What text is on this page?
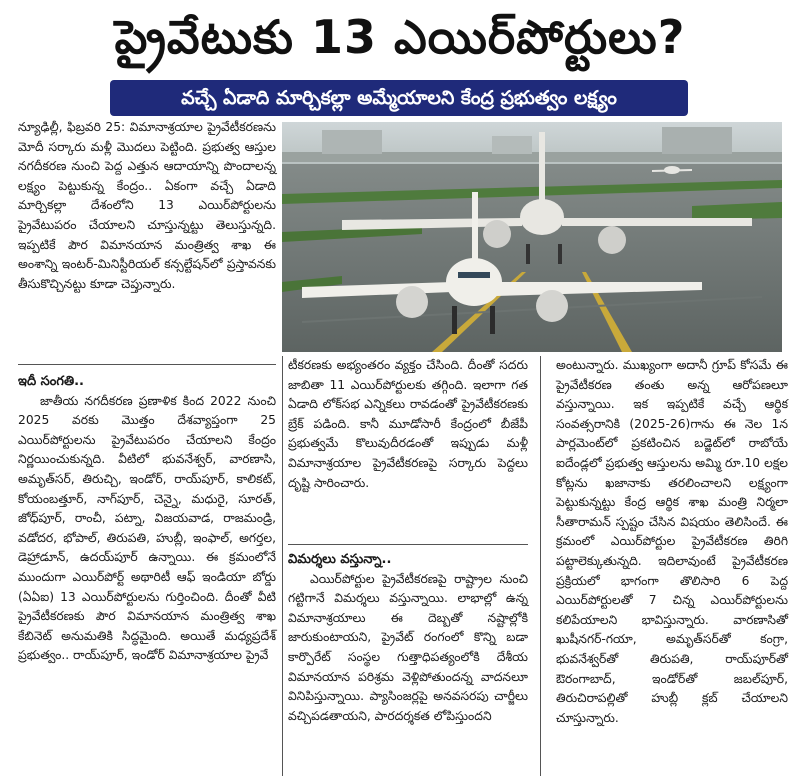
ప్రైవేటుకు 13 ఎయిర్‌పోర్టులు?
వచ్చే ఏడాది మార్చికల్లా అమ్మేయాలని కేంద్ర ప్రభుత్వం లక్ష్యం

న్యూఢిల్లీ, ఫిబ్రవరి 25: విమానాశ్రయాల ప్రైవేటీకరణను మోదీ సర్కారు మళ్లీ మొదలు పెట్టింది. ప్రభుత్వ ఆస్తుల నగదీకరణ నుంచి పెద్ద ఎత్తున ఆదాయాన్ని పొందాలన్న లక్ష్యం పెట్టుకున్న కేంద్రం.. ఏకంగా వచ్చే ఏడాది మార్చికల్లా దేశంలోని 13 ఎయిర్‌పోర్టులను ప్రైవేటుపరం చేయాలని చూస్తున్నట్టు తెలుస్తున్నది. ఇప్పటికే పౌర విమానయాన మంత్రిత్వ శాఖ ఈ అంశాన్ని ఇంటర్-మినిస్టీరియల్ కన్సల్టేషన్‌లో ప్రస్తావనకు తీసుకొచ్చినట్టు కూడా చెప్తున్నారు.

ఇదీ సంగతి..

జాతీయ నగదీకరణ ప్రణాళిక కింద 2022 నుంచి 2025 వరకు మొత్తం దేశవ్యాప్తంగా 25 ఎయిర్‌పోర్టులను ప్రైవేటుపరం చేయాలని కేంద్రం నిర్ణయించుకున్నది. వీటిలో భువనేశ్వర్, వారణాసి, అమృత్‌సర్, తిరుచ్చి, ఇండోర్, రాయ్‌పూర్, కాలికట్, కోయంబత్తూర్, నాగ్‌పూర్, చెన్నై, మధురై, సూరత్, జోధ్‌పూర్, రాంచీ, పట్నా, విజయవాడ, రాజమండ్రి, వడోదర, భోపాల్, తిరుపతి, హుబ్లీ, ఇంఫాల్, అగర్తల, డెహ్రాడూన్, ఉదయ్‌పూర్ ఉన్నాయి. ఈ క్రమంలోనే ముందుగా ఎయిర్‌పోర్ట్ అథారిటీ ఆఫ్ ఇండియా బోర్డు (ఏఏఐ) 13 ఎయిర్‌పోర్టులను గుర్తించింది. దీంతో వీటి ప్రైవేటీకరణకు పౌర విమానయాన మంత్రిత్వ శాఖ కేబినెట్ అనుమతికి సిద్ధమైంది. అయితే మధ్యప్రదేశ్ ప్రభుత్వం.. రాయ్‌పూర్, ఇండోర్ విమానాశ్రయాల ప్రైవే

టీకరణకు అభ్యంతరం వ్యక్తం చేసింది. దీంతో సదరు జాబితా 11 ఎయిర్‌పోర్టులకు తగ్గింది. ఇలాగా గత ఏడాది లోక్‌సభ ఎన్నికలు రావడంతో ప్రైవేటీకరణకు బ్రేక్ పడింది. కానీ మూడోసారీ కేంద్రంలో బీజేపీ ప్రభుత్వమే కొలువుదీరడంతో ఇప్పుడు మళ్లీ విమానాశ్రయాల ప్రైవేటీకరణపై సర్కారు పెద్దలు దృష్టి సారించారు.

విమర్శలు వస్తున్నా..

ఎయిర్‌పోర్టుల ప్రైవేటీకరణపై రాష్ట్రాల నుంచి గట్టిగానే విమర్శలు వస్తున్నాయి. లాభాల్లో ఉన్న విమానాశ్రయాలు ఈ దెబ్బతో నష్టాల్లోకి జారుకుంటాయని, ప్రైవేట్ రంగంలో కొన్ని బడా కార్పొరేట్ సంస్థల గుత్తాధిపత్యంలోకి దేశీయ విమానయాన పరిశ్రమ వెళ్లిపోతుందన్న వాదనలూ వినిపిస్తున్నాయి. ప్యాసింజర్లపై అనవసరపు చార్జీలు వచ్చిపడతాయని, పారదర్శకత లోపిస్తుందని

అంటున్నారు. ముఖ్యంగా అదానీ గ్రూప్ కోసమే ఈ ప్రైవేటీకరణ తంతు అన్న ఆరోపణలూ వస్తున్నాయి. ఇక ఇప్పటికే వచ్చే ఆర్థిక సంవత్సరానికి (2025-26)గాను ఈ నెల 1న పార్లమెంట్‌లో ప్రకటించిన బడ్జెట్‌లో రాబోయే ఐదేండ్లలో ప్రభుత్వ ఆస్తులను అమ్మి రూ.10 లక్షల కోట్లను ఖజానాకు తరలించాలని లక్ష్యంగా పెట్టుకున్నట్టు కేంద్ర ఆర్థిక శాఖ మంత్రి నిర్మలా సీతారామన్ స్పష్టం చేసిన విషయం తెలిసిందే. ఈ క్రమంలో ఎయిర్‌పోర్టుల ప్రైవేటీకరణ తిరిగి పట్టాలెక్కుతున్నది. ఇదిలావుంటే ప్రైవేటీకరణ ప్రక్రియలో భాగంగా తొలిసారి 6 పెద్ద ఎయిర్‌పోర్టులతో 7 చిన్న ఎయిర్‌పోర్టులను కలిపేయాలని భావిస్తున్నారు. వారణాసితో ఖుషీనగర్-గయా, అమృత్‌సర్‌తో కంగ్రా, భువనేశ్వర్‌తో తిరుపతి, రాయ్‌పూర్‌తో ఔరంగాబాద్, ఇండోర్‌తో జబల్‌పూర్, తిరుచిరాపల్లితో హుబ్లీ క్లబ్ చేయాలని చూస్తున్నారు.
